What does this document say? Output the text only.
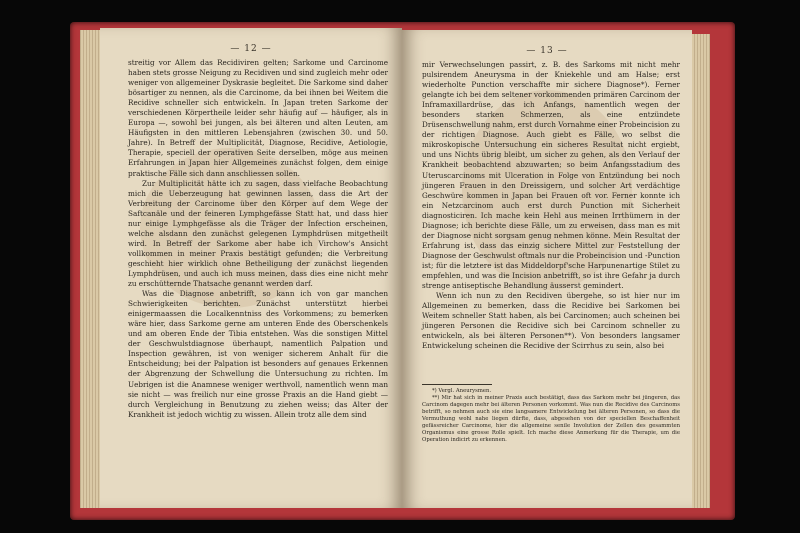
— 12 —

streitig vor Allem das Recidiviren gelten; Sarkome und Carcinome haben stets grosse Neigung zu Recidiven und sind zugleich mehr oder weniger von allgemeiner Dyskrasie begleitet. Die Sarkome sind daher bösartiger zu nennen, als die Carcinome, da bei ihnen bei Weitem die Recidive schneller sich entwickeln. In Japan treten Sarkome der verschiedenen Körpertheile leider sehr häufig auf — häufiger, als in Europa —, sowohl bei jungen, als bei älteren und alten Leuten, am Häufigsten in den mittleren Lebensjahren (zwischen 30. und 50. Jahre). In Betreff der Multiplicität, Diagnose, Recidive, Aetiologie, Therapie, speciell der operativen Seite derselben, möge aus meinen Erfahrungen in Japan hier Allgemeines zunächst folgen, dem einige praktische Fälle sich dann anschliessen sollen.

Zur Multiplicität hätte ich zu sagen, dass vielfache Beobachtung mich die Ueberzeugung hat gewinnen lassen, dass die Art der Verbreitung der Carcinome über den Körper auf dem Wege der Saftcanäle und der feineren Lymphgefässe Statt hat, und dass hier nur einige Lymphgefässe als die Träger der Infection erscheinen, welche alsdann den zunächst gelegenen Lymphdrüsen mitgetheilt wird. In Betreff der Sarkome aber habe ich Virchow's Ansicht vollkommen in meiner Praxis bestätigt gefunden; die Verbreitung geschieht hier wirklich ohne Betheiligung der zunächst liegenden Lymphdrüsen, und auch ich muss meinen, dass dies eine nicht mehr zu erschütternde Thatsache genannt werden darf.

Was die Diagnose anbetrifft, so kann ich von gar manchen Schwierigkeiten berichten. Zunächst unterstützt hierbei einigermaassen die Localkenntniss des Vorkommens; zu bemerken wäre hier, dass Sarkome gerne am unteren Ende des Oberschenkels und am oberen Ende der Tibia entstehen. Was die sonstigen Mittel der Geschwulstdiagnose überhaupt, namentlich Palpation und Inspection gewähren, ist von weniger sicherem Anhalt für die Entscheidung; bei der Palpation ist besonders auf genaues Erkennen der Abgrenzung der Schwellung die Untersuchung zu richten. Im Uebrigen ist die Anamnese weniger werthvoll, namentlich wenn man sie nicht — was freilich nur eine grosse Praxis an die Hand giebt — durch Vergleichung in Benutzung zu ziehen weiss; das Alter der Krankheit ist jedoch wichtig zu wissen. Allein trotz alle dem sind

— 13 —

mir Verwechselungen passirt, z. B. des Sarkoms mit nicht mehr pulsirendem Aneurysma in der Kniekehle und am Halse; erst wiederholte Punction verschaffte mir sichere Diagnose*). Ferner gelangte ich bei dem seltener vorkommenden primären Carcinom der Inframaxillardrüse, das ich Anfangs, namentlich wegen der besonders starken Schmerzen, als eine entzündete Drüsenschwellung nahm, erst durch Vornahme einer Probeincision zu der richtigen Diagnose. Auch giebt es Fälle, wo selbst die mikroskopische Untersuchung ein sicheres Resultat nicht ergiebt, und uns Nichts übrig bleibt, um sicher zu gehen, als den Verlauf der Krankheit beobachtend abzuwarten; so beim Anfangsstadium des Uteruscarcinoms mit Ulceration in Folge von Entzündung bei noch jüngeren Frauen in den Dreissigern, und solcher Art verdächtige Geschwüre kommen in Japan bei Frauen oft vor. Ferner konnte ich ein Netzcarcinom auch erst durch Punction mit Sicherheit diagnosticiren. Ich mache kein Hehl aus meinen Irrthümern in der Diagnose; ich berichte diese Fälle, um zu erweisen, dass man es mit der Diagnose nicht sorgsam genug nehmen könne. Mein Resultat der Erfahrung ist, dass das einzig sichere Mittel zur Feststellung der Diagnose der Geschwulst oftmals nur die Probeincision und -Punction ist; für die letztere ist das Middeldorpf'sche Harpunenartige Stilet zu empfehlen, und was die Incision anbetrifft, so ist ihre Gefahr ja durch strenge antiseptische Behandlung äusserst gemindert.

Wenn ich nun zu den Recidiven übergehe, so ist hier nur im Allgemeinen zu bemerken, dass die Recidive bei Sarkomen bei Weitem schneller Statt haben, als bei Carcinomen; auch scheinen bei jüngeren Personen die Recidive sich bei Carcinom schneller zu entwickeln, als bei älteren Personen**). Von besonders langsamer Entwickelung scheinen die Recidive der Scirrhus zu sein, also bei

*) Vergl. Aneurysmen.

**) Mir hat sich in meiner Praxis auch bestätigt, dass das Sarkom mehr bei jüngeren, das Carcinom dagegen mehr bei älteren Personen vorkommt. Was nun die Recidive des Carcinoms betrifft, so nehmen auch sie eine langsamere Entwickelung bei älteren Personen, so dass die Vermuthung wohl nahe liegen dürfte, dass, abgesehen von der speciellen Beschaffenheit gefässreicher Carcinome, hier die allgemeine senile Involution der Zellen des gesammten Organismus eine grosse Rolle spielt. Ich mache diese Anmerkung für die Therapie, um die Operation indicirt zu erkennen.
